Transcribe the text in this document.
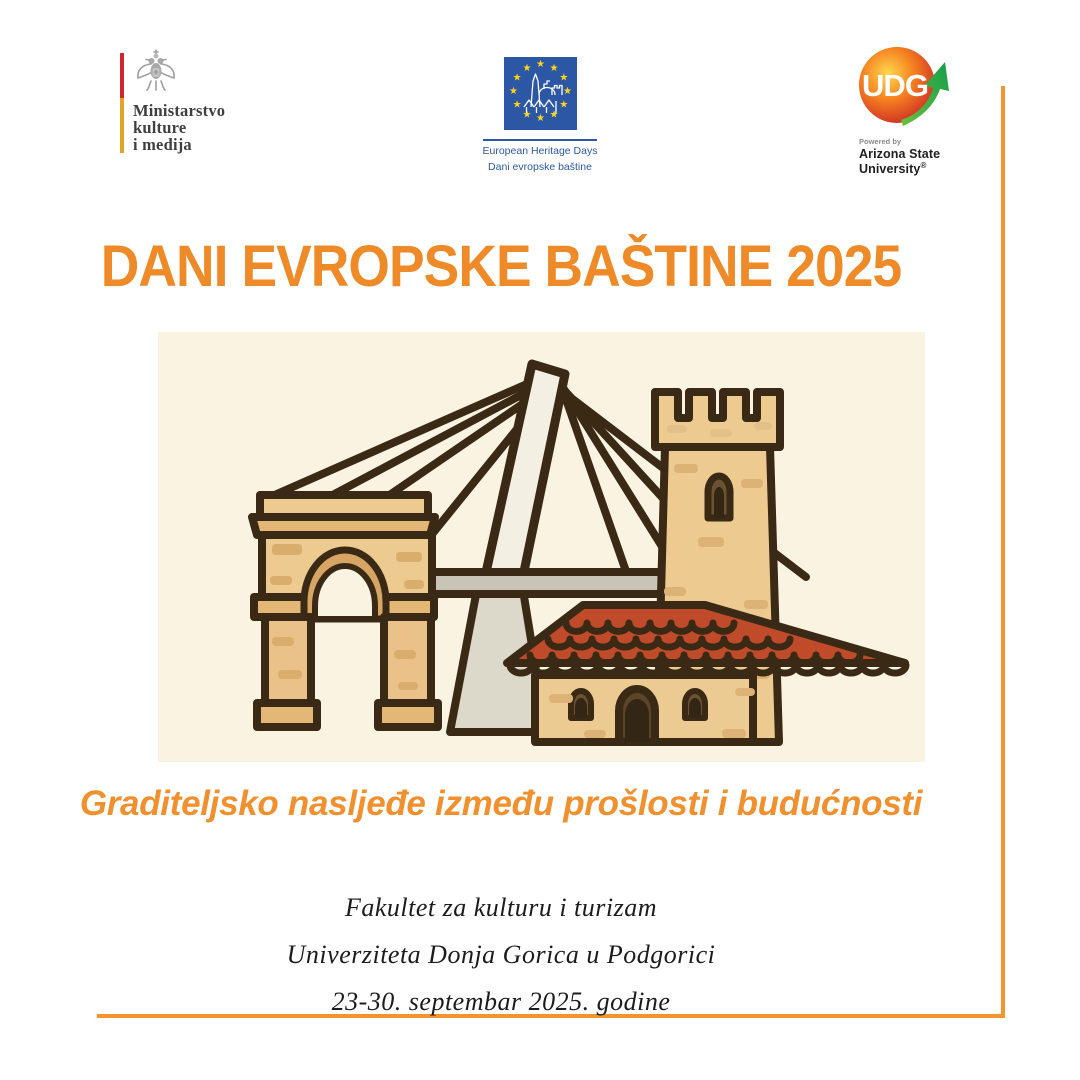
Ministarstvo
kulture
i medija
★ ★
★
★
★
★
★
★
★
★
★
★
European Heritage Days
Dani evropske baštine
UDG
Powered by
Arizona State University®
DANI EVROPSKE BAŠTINE 2025
Graditeljsko nasljeđe između prošlosti i budućnosti
Fakultet za kulturu i turizam
Univerziteta Donja Gorica u Podgorici
23-30. septembar 2025. godine
